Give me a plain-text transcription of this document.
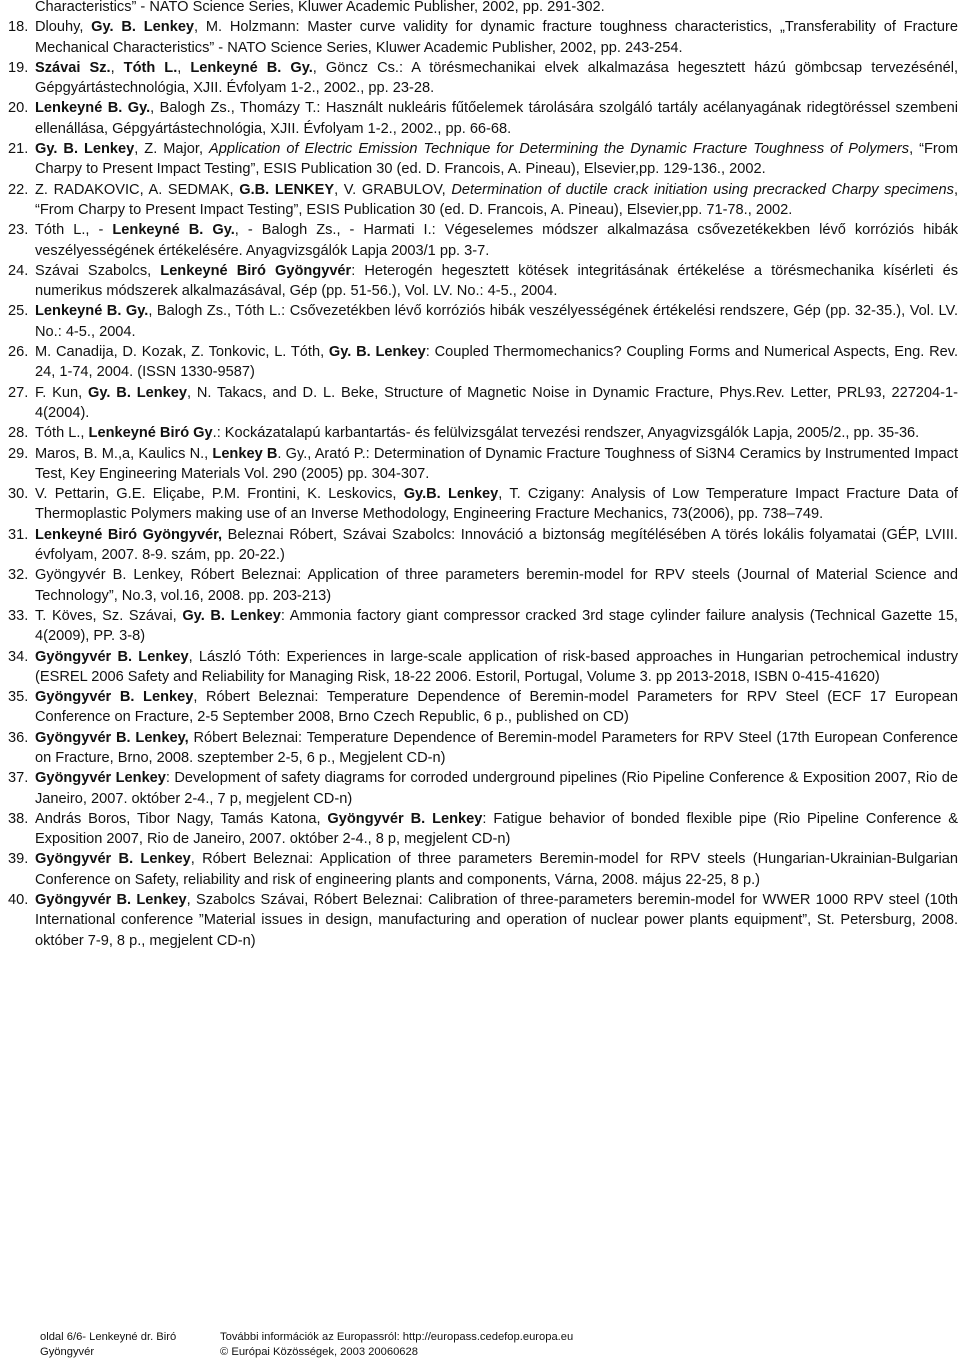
Characteristics” - NATO Science Series, Kluwer Academic Publisher, 2002, pp. 291-302.
18. Dlouhy, Gy. B. Lenkey, M. Holzmann: Master curve validity for dynamic fracture toughness characteristics, „Transferability of Fracture Mechanical Characteristics” - NATO Science Series, Kluwer Academic Publisher, 2002, pp. 243-254.
19. Szávai Sz., Tóth L., Lenkeyné B. Gy., Göncz Cs.: A törésmechanikai elvek alkalmazása hegesztett házú gömbcsap tervezésénél, Gépgyártástechnológia, XJII. Évfolyam 1-2., 2002., pp. 23-28.
20. Lenkeyné B. Gy., Balogh Zs., Thomázy T.: Használt nukleáris fűtőelemek tárolására szolgáló tartály acélanyagának ridegtöréssel szembeni ellenállása, Gépgyártástechnológia, XJII. Évfolyam 1-2., 2002., pp. 66-68.
21. Gy. B. Lenkey, Z. Major, Application of Electric Emission Technique for Determining the Dynamic Fracture Toughness of Polymers, “From Charpy to Present Impact Testing”, ESIS Publication 30 (ed. D. Francois, A. Pineau), Elsevier,pp. 129-136., 2002.
22. Z. RADAKOVIC, A. SEDMAK, G.B. LENKEY, V. GRABULOV, Determination of ductile crack initiation using precracked Charpy specimens, “From Charpy to Present Impact Testing”, ESIS Publication 30 (ed. D. Francois, A. Pineau), Elsevier,pp. 71-78., 2002.
23. Tóth L., - Lenkeyné B. Gy., - Balogh Zs., - Harmati I.: Végeselemes módszer alkalmazása csővezetékekben lévő korróziós hibák veszélyességének értékelésére. Anyagvizsgálók Lapja 2003/1 pp. 3-7.
24. Szávai Szabolcs, Lenkeyné Biró Gyöngyvér: Heterogén hegesztett kötések integritásának értékelése a törésmechanika kísérleti és numerikus módszerek alkalmazásával, Gép (pp. 51-56.), Vol. LV. No.: 4-5., 2004.
25. Lenkeyné B. Gy., Balogh Zs., Tóth L.: Csővezetékben lévő korróziós hibák veszélyességének értékelési rendszere, Gép (pp. 32-35.), Vol. LV. No.: 4-5., 2004.
26. M. Canadija, D. Kozak, Z. Tonkovic, L. Tóth, Gy. B. Lenkey: Coupled Thermomechanics? Coupling Forms and Numerical Aspects, Eng. Rev. 24, 1-74, 2004. (ISSN 1330-9587)
27. F. Kun, Gy. B. Lenkey, N. Takacs, and D. L. Beke, Structure of Magnetic Noise in Dynamic Fracture, Phys.Rev. Letter, PRL93, 227204-1-4(2004).
28. Tóth L., Lenkeyné Biró Gy.: Kockázatalapú karbantartás- és felülvizsgálat tervezési rendszer, Anyagvizsgálók Lapja, 2005/2., pp. 35-36.
29. Maros, B. M.,a, Kaulics N., Lenkey B. Gy., Arató P.: Determination of Dynamic Fracture Toughness of Si3N4 Ceramics by Instrumented Impact Test, Key Engineering Materials Vol. 290 (2005) pp. 304-307.
30. V. Pettarin, G.E. Eliçabe, P.M. Frontini, K. Leskovics, Gy.B. Lenkey, T. Czigany: Analysis of Low Temperature Impact Fracture Data of Thermoplastic Polymers making use of an Inverse Methodology, Engineering Fracture Mechanics, 73(2006), pp. 738–749.
31. Lenkeyné Biró Gyöngyvér, Beleznai Róbert, Szávai Szabolcs: Innováció a biztonság megítélésében A törés lokális folyamatai (GÉP, LVIII. évfolyam, 2007. 8-9. szám, pp. 20-22.)
32. Gyöngyvér B. Lenkey, Róbert Beleznai: Application of three parameters beremin-model for RPV steels (Journal of Material Science and Technology”, No.3, vol.16, 2008. pp. 203-213)
33. T. Köves, Sz. Szávai, Gy. B. Lenkey: Ammonia factory giant compressor cracked 3rd stage cylinder failure analysis (Technical Gazette 15, 4(2009), PP. 3-8)
34. Gyöngyvér B. Lenkey, László Tóth: Experiences in large-scale application of risk-based approaches in Hungarian petrochemical industry (ESREL 2006 Safety and Reliability for Managing Risk, 18-22 2006. Estoril, Portugal, Volume 3. pp 2013-2018, ISBN 0-415-41620)
35. Gyöngyvér B. Lenkey, Róbert Beleznai: Temperature Dependence of Beremin-model Parameters for RPV Steel (ECF 17 European Conference on Fracture, 2-5 September 2008, Brno Czech Republic, 6 p., published on CD)
36. Gyöngyvér B. Lenkey, Róbert Beleznai: Temperature Dependence of Beremin-model Parameters for RPV Steel (17th European Conference on Fracture, Brno, 2008. szeptember 2-5, 6 p., Megjelent CD-n)
37. Gyöngyvér Lenkey: Development of safety diagrams for corroded underground pipelines (Rio Pipeline Conference & Exposition 2007, Rio de Janeiro, 2007. október 2-4., 7 p, megjelent CD-n)
38. András Boros, Tibor Nagy, Tamás Katona, Gyöngyvér B. Lenkey: Fatigue behavior of bonded flexible pipe (Rio Pipeline Conference & Exposition 2007, Rio de Janeiro, 2007. október 2-4., 8 p, megjelent CD-n)
39. Gyöngyvér B. Lenkey, Róbert Beleznai: Application of three parameters Beremin-model for RPV steels (Hungarian-Ukrainian-Bulgarian Conference on Safety, reliability and risk of engineering plants and components, Várna, 2008. május 22-25, 8 p.)
40. Gyöngyvér B. Lenkey, Szabolcs Szávai, Róbert Beleznai: Calibration of three-parameters beremin-model for WWER 1000 RPV steel (10th International conference ”Material issues in design, manufacturing and operation of nuclear power plants equipment”, St. Petersburg, 2008. október 7-9, 8 p., megjelent CD-n)
oldal 6/6- Lenkeyné dr. Biró
Gyöngyvér
További információk az Europassról: http://europass.cedefop.europa.eu
© Európai Közösségek, 2003 20060628
